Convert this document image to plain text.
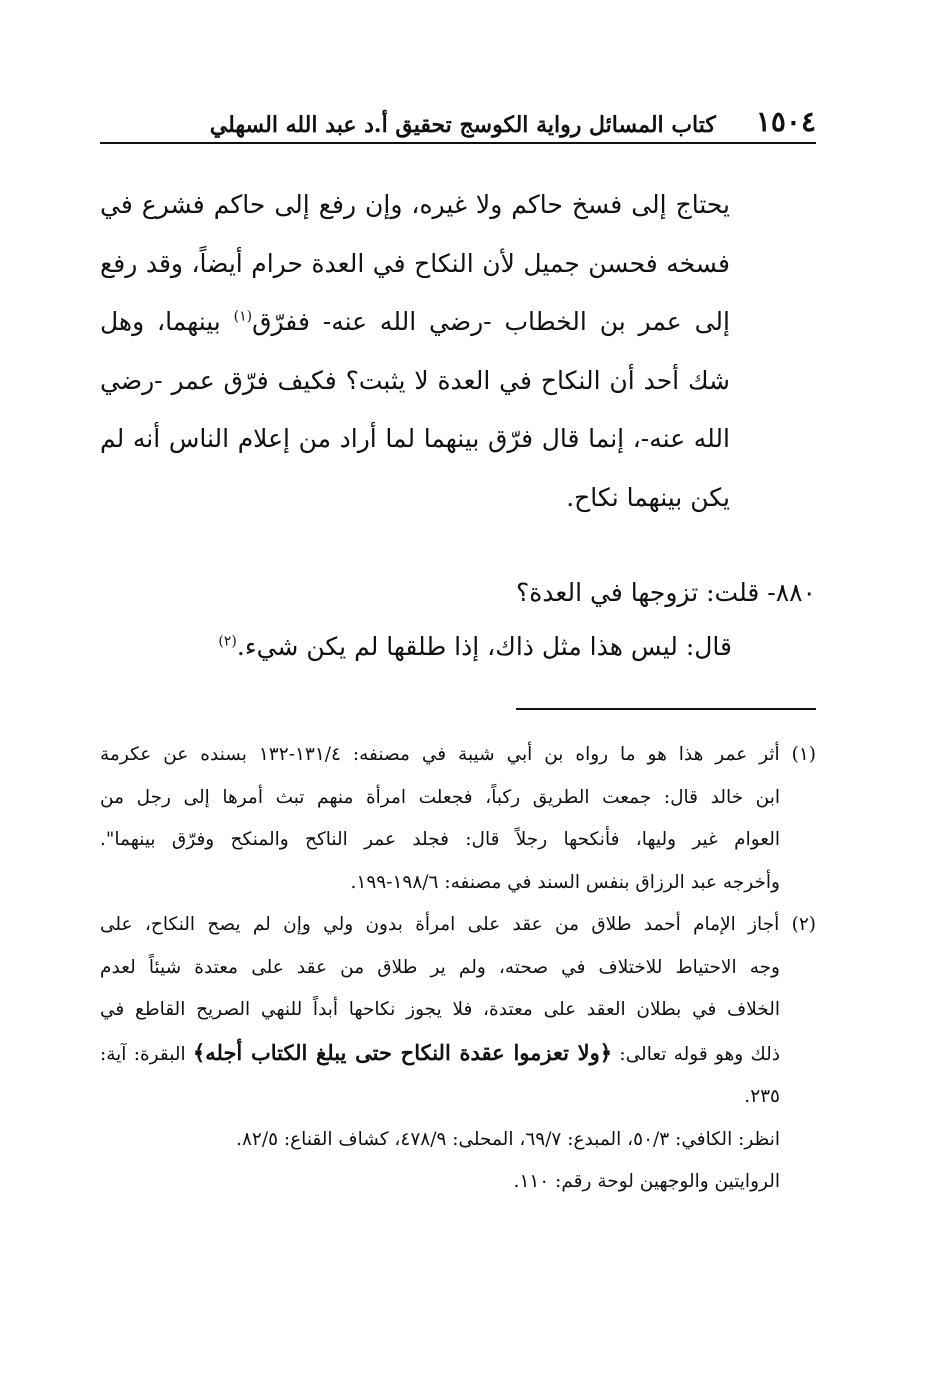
١٥٠٤
كتاب المسائل رواية الكوسج تحقيق أ.د عبد الله السهلي

يحتاج إلى فسخ حاكم ولا غيره، وإن رفع إلى حاكم فشرع في فسخه فحسن جميل لأن النكاح في العدة حرام أيضاً، وقد رفع إلى عمر بن الخطاب -رضي الله عنه- ففرّق$^{(١)}$ بينهما، وهل شك أحد أن النكاح في العدة لا يثبت؟ فكيف فرّق عمر -رضي الله عنه-، إنما قال فرّق بينهما لما أراد من إعلام الناس أنه لم يكن بينهما نكاح.

٨٨٠- قلت: تزوجها في العدة؟

قال: ليس هذا مثل ذاك، إذا طلقها لم يكن شيء.$^{(٢)}$

(١) أثر عمر هذا هو ما رواه بن أبي شيبة في مصنفه: ١٣١/٤-١٣٢ بسنده عن عكرمة
ابن خالد قال: جمعت الطريق ركباً، فجعلت امرأة منهم تبث أمرها إلى رجل من
العوام غير وليها، فأنكحها رجلاً قال: فجلد عمر الناكح والمنكح وفرّق بينهما".
وأخرجه عبد الرزاق بنفس السند في مصنفه: ١٩٨/٦-١٩٩.
(٢) أجاز الإمام أحمد طلاق من عقد على امرأة بدون ولي وإن لم يصح النكاح، على
وجه الاحتياط للاختلاف في صحته، ولم ير طلاق من عقد على معتدة شيئاً لعدم
الخلاف في بطلان العقد على معتدة، فلا يجوز نكاحها أبداً للنهي الصريح القاطع في
ذلك وهو قوله تعالى: ﴿ولا تعزموا عقدة النكاح حتى يبلغ الكتاب أجله﴾ البقرة: آية:
٢٣٥.
انظر: الكافي: ٥٠/٣، المبدع: ٦٩/٧، المحلى: ٤٧٨/٩، كشاف القناع: ٨٢/٥.
الروايتين والوجهين لوحة رقم: ١١٠.
